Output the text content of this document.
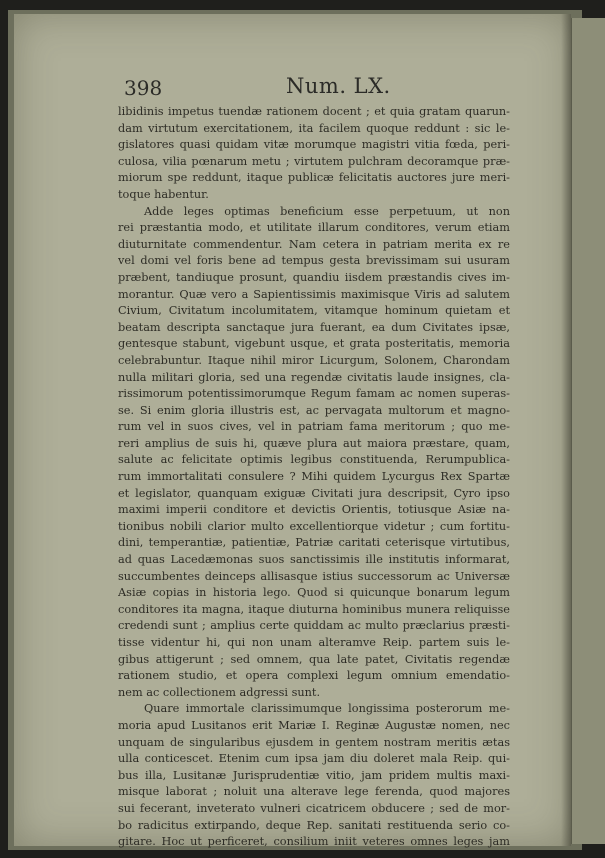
398	Num. LX.
libidinis impetus tuendæ rationem docent ; et quia gratam quarun-
dam virtutum exercitationem, ita facilem quoque reddunt : sic le-
gislatores quasi quidam vitæ morumque magistri vitia fœda, peri-
culosa, vilia pœnarum metu ; virtutem pulchram decoramque præ-
miorum spe reddunt, itaque publicæ felicitatis auctores jure meri-
toque habentur.
Adde leges optimas beneficium esse perpetuum, ut non
rei præstantia modo, et utilitate illarum conditores, verum etiam
diuturnitate commendentur. Nam cetera in patriam merita ex re
vel domi vel foris bene ad tempus gesta brevissimam sui usuram
præbent, tandiuque prosunt, quandiu iisdem præstandis cives im-
morantur. Quæ vero a Sapientissimis maximisque Viris ad salutem
Civium, Civitatum incolumitatem, vitamque hominum quietam et
beatam descripta sanctaque jura fuerant, ea dum Civitates ipsæ,
gentesque stabunt, vigebunt usque, et grata posteritatis, memoria
celebrabuntur. Itaque nihil miror Licurgum, Solonem, Charondam
nulla militari gloria, sed una regendæ civitatis laude insignes, cla-
rissimorum potentissimorumque Regum famam ac nomen superas-
se. Si enim gloria illustris est, ac pervagata multorum et magno-
rum vel in suos cives, vel in patriam fama meritorum ; quo me-
reri amplius de suis hi, quæve plura aut maiora præstare, quam,
salute ac felicitate optimis legibus constituenda, Rerumpublica-
rum immortalitati consulere ? Mihi quidem Lycurgus Rex Spartæ
et legislator, quanquam exiguæ Civitati jura descripsit, Cyro ipso
maximi imperii conditore et devictis Orientis, totiusque Asiæ na-
tionibus nobili clarior multo excellentiorque videtur ; cum fortitu-
dini, temperantiæ, patientiæ, Patriæ caritati ceterisque virtutibus,
ad quas Lacedæmonas suos sanctissimis ille institutis informarat,
succumbentes deinceps allisasque istius successorum ac Universæ
Asiæ copias in historia lego. Quod si quicunque bonarum legum
conditores ita magna, itaque diuturna hominibus munera reliquisse
credendi sunt ; amplius certe quiddam ac multo præclarius præsti-
tisse videntur hi, qui non unam alteramve Reip. partem suis le-
gibus attigerunt ; sed omnem, qua late patet, Civitatis regendæ
rationem studio, et opera complexi legum omnium emendatio-
nem ac collectionem adgressi sunt.
Quare immortale clarissimumque longissima posterorum me-
moria apud Lusitanos erit Mariæ I. Reginæ Augustæ nomen, nec
unquam de singularibus ejusdem in gentem nostram meritis ætas
ulla conticescet. Etenim cum ipsa jam diu doleret mala Reip. qui-
bus illa, Lusitanæ Jurisprudentiæ vitio, jam pridem multis maxi-
misque laborat ; noluit una alterave lege ferenda, quod majores
sui fecerant, inveterato vulneri cicatricem obducere ; sed de mor-
bo radicitus extirpando, deque Rep. sanitati restituenda serio co-
gitare. Hoc ut perficeret, consilium iniit veteres omnes leges jam
